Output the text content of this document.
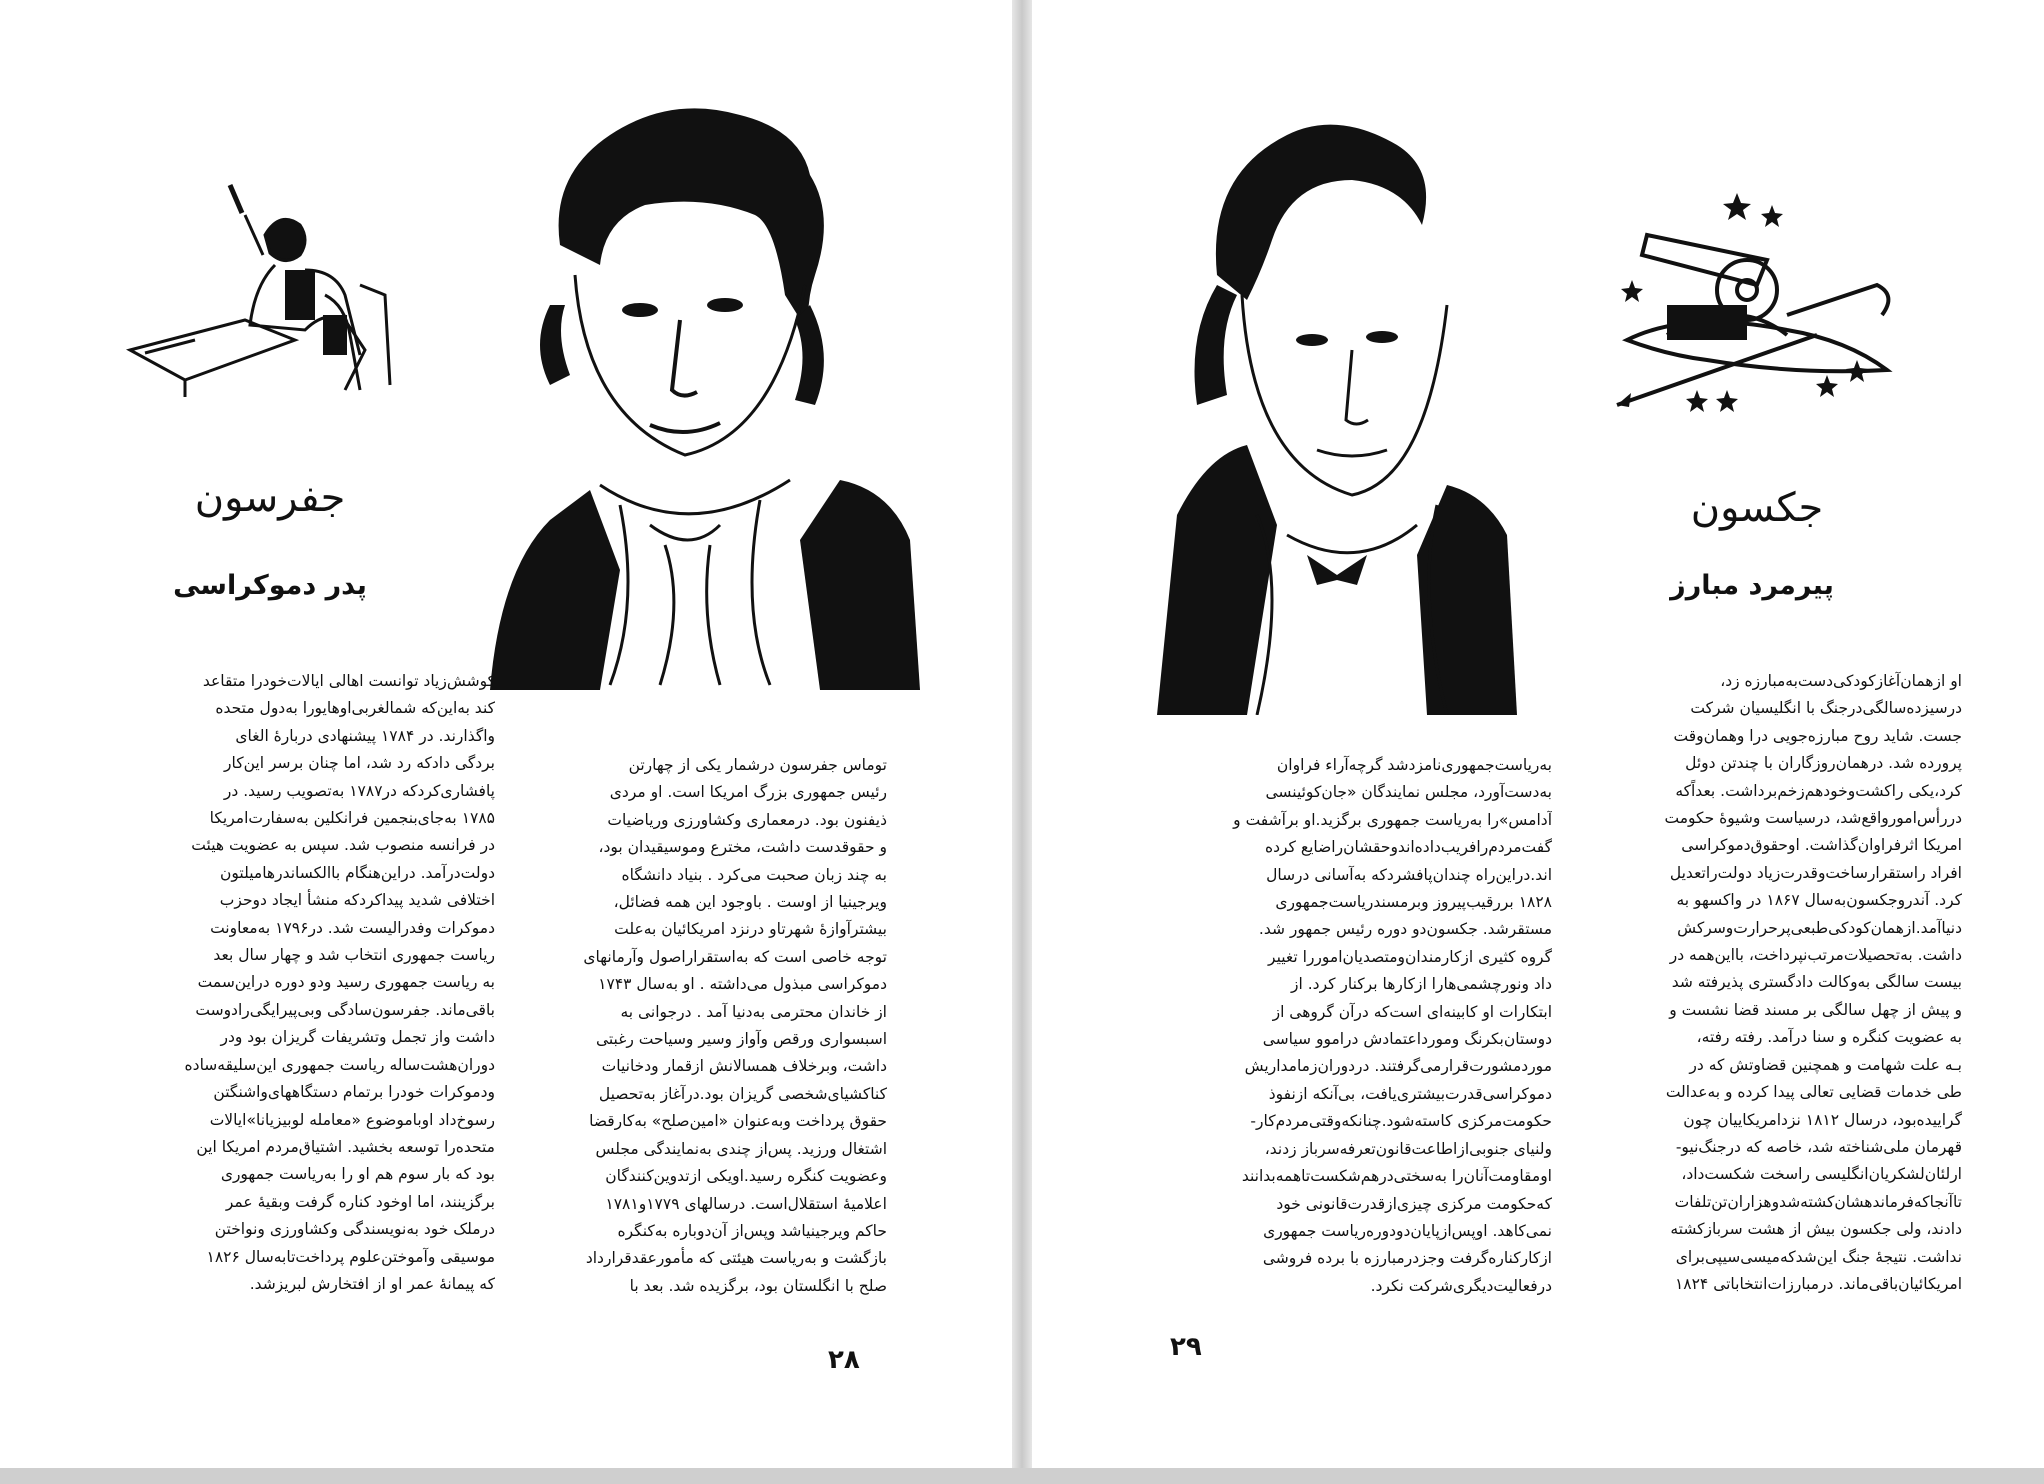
جفرسون
پدر دموکراسی

توماس جفرسون درشمار یکی از چهارتن

رئیس جمهوری بزرگ امریکا است. او مردی

ذیفنون بود. درمعماری وکشاورزی وریاضیات

و حقوقدست داشت، مخترع وموسیقیدان بود،

به چند زبان صحبت می‌کرد . بنیاد دانشگاه

ویرجینیا از اوست . باوجود این همه فضائل،

بیشترآوازهٔ شهرتاو درنزد امریکائیان به‌علت

توجه خاصی است که به‌استقراراصول وآرمانهای

دموکراسی مبذول می‌داشته . او به‌سال ۱۷۴۳

از خاندان محترمی به‌دنیا آمد . درجوانی به

اسبسواری ورقص وآواز وسیر وسیاحت رغبتی

داشت، وبرخلاف همسالانش ازقمار ودخانیات

کناکشیای‌شخصی گریزان بود.درآغاز به‌تحصیل

حقوق پرداخت وبه‌عنوان «امین‌صلح» به‌کارقضا

اشتغال ورزید. پس‌از چندی به‌نمایندگی مجلس

وعضویت کنگره رسید.اویکی ازتدوین‌کنندگان

اعلامیهٔ استقلال‌است. درسالهای ۱۷۷۹و۱۷۸۱

حاکم ویرجینیاشد وپس‌از آن‌دوباره به‌کنگره

بازگشت و به‌ریاست هیئتی که مأمورعقدقرارداد

صلح با انگلستان بود، برگزیده شد. بعد با

کوشش‌زیاد توانست اهالی ایالات‌خودرا متقاعد

کند به‌این‌که شمالغربی‌اوهایورا به‌دول متحده

واگذارند. در ۱۷۸۴ پیشنهادی دربارهٔ الغای

بردگی دادکه رد شد، اما چنان برسر این‌کار

پافشاری‌کردکه در۱۷۸۷ به‌تصویب رسید. در

۱۷۸۵ به‌جای‌بنجمین فرانکلین به‌سفارت‌امریکا

در فرانسه منصوب شد. سپس به عضویت هیئت

دولت‌درآمد. دراین‌هنگام باالکساندرهامیلتون

اختلافی شدید پیداکردکه منشأ ایجاد دوحزب

دموکرات وفدرالیست شد. در۱۷۹۶ به‌معاونت

ریاست جمهوری انتخاب شد و چهار سال بعد

به ریاست جمهوری رسید ودو دوره دراین‌سمت

باقی‌ماند. جفرسون‌سادگی وبی‌پیرایگی‌رادوست

داشت واز تجمل وتشریفات گریزان بود ودر

دوران‌هشت‌ساله ریاست جمهوری این‌سلیقه‌ساده

ودموکرات خودرا بر‌تمام دستگاههای‌واشنگتن

رسوخ‌داد اوباموضوع «معامله لوبیزیانا»ایالات

متحده‌را توسعه بخشید. اشتیاق‌مردم امریکا این

بود که بار سوم هم او را به‌ریاست جمهوری

برگزینند، اما اوخود کناره گرفت وبقیهٔ عمر

درملک خود به‌نویسندگی وکشاورزی ونواختن

موسیقی وآموختن‌علوم پرداخت‌تابه‌سال ۱۸۲۶

که پیمانهٔ عمر او از افتخارش لبریزشد.

۲۸
جکسون
پیرمرد مبارز

او ازهمان‌آغازکودکی‌دست‌به‌مبارزه زد،

درسیزده‌سالگی‌درجنگ با انگلیسیان شرکت

جست. شاید روح مبارزه‌جویی درا وهمان‌وقت

پرورده شد. درهمان‌روزگاران با چندتن دوئل

کرد،یکی راکشت‌وخودهم‌زخم‌برداشت. بعداًکه

دررأس‌اموروا‌قع‌شد، درسیاست وشیوهٔ حکومت

امریکا اثرفراوان‌گذاشت. اوحقوق‌دموکراسی

افراد راستقرارساخت‌وقدرت‌زیاد دولت‌راتعدیل

کرد. آندروجکسون‌به‌سال ۱۸۶۷ در واکسهو به

دنیاآمد.ازهمان‌کودکی‌طبعی‌پرحرارت‌وسرکش

داشت. به‌تحصیلات‌مرتب‌نپرداخت، بااین‌همه در

بیست سالگی به‌وکالت دادگستری پذیرفته شد

و پیش از چهل سالگی بر مسند قضا نشست و

به عضویت کنگره و سنا درآمد. رفته رفته،

بـه علت شهامت و همچنین قضاوتش که در

طی خدمات قضایی تعالی پیدا کرده و به‌عدالت

گراییده‌بود، درسال ۱۸۱۲ نزدامریکاییان چون

قهرمان ملی‌شناخته شد، خاصه که درجنگ‌نیو-

ارلئان‌لشکریان‌انگلیسی راسخت شکست‌داد،

تاآنجاکه‌فرماندهشان‌کشته‌شدوهزاران‌تن‌تلفات

دادند، ولی جکسون بیش از هشت سربازکشته

نداشت. نتیجهٔ جنگ این‌شدکه‌میسی‌سیپی‌برای

امریکائیان‌باقی‌ماند. درمبارزات‌انتخاباتی ۱۸۲۴

به‌ریاست‌جمهوری‌نامزدشد گرچه‌آراء فراوان

به‌دست‌آورد، مجلس نمایندگان «جان‌کوئینسی

آدامس»را به‌ریاست جمهوری برگزید.او برآشفت و

گفت‌مردم‌رافریب‌داده‌اندوحقشان‌راضایع کرده

اند.دراین‌راه چندان‌پافشردکه به‌آسانی درسال

۱۸۲۸ بررقیب‌پیروز وبرمسندریاست‌جمهوری

مستقرشد. جکسون‌دو دوره رئیس جمهور شد.

گروه کثیری ازکارمندان‌ومتصدیان‌اموررا تغییر

داد ونورچشمی‌هارا ازکارها برکنار کرد. از

ابتکارات او کابینه‌ای است‌که درآن گروهی از

دوستان‌بکرنگ ومورداعتمادش دراموو سیاسی

موردمشورت‌قرارمی‌گرفتند. دردوران‌زمامداریش

دموکراسی‌قدرت‌بیشتری‌یافت، بی‌آنکه ازنفوذ

حکومت‌مرکزی کاسته‌شود.چنانکه‌وقتی‌مردم‌کار-

ولنیای جنوبی‌ازاطاعت‌قانون‌تعرفه‌سرباز زدند،

اومقاومت‌آنان‌را به‌سختی‌درهم‌شکست‌تاهمه‌بدانند

که‌حکومت مرکزی چیزی‌ازقدرت‌قانونی خود

نمی‌کاهد. اوپس‌ازپایان‌دو‌دوره‌ریاست جمهوری

ازکارکناره‌گرفت وجزدرمبارزه با برده فروشی

درفعالیت‌دیگری‌شرکت نکرد.

۲۹
